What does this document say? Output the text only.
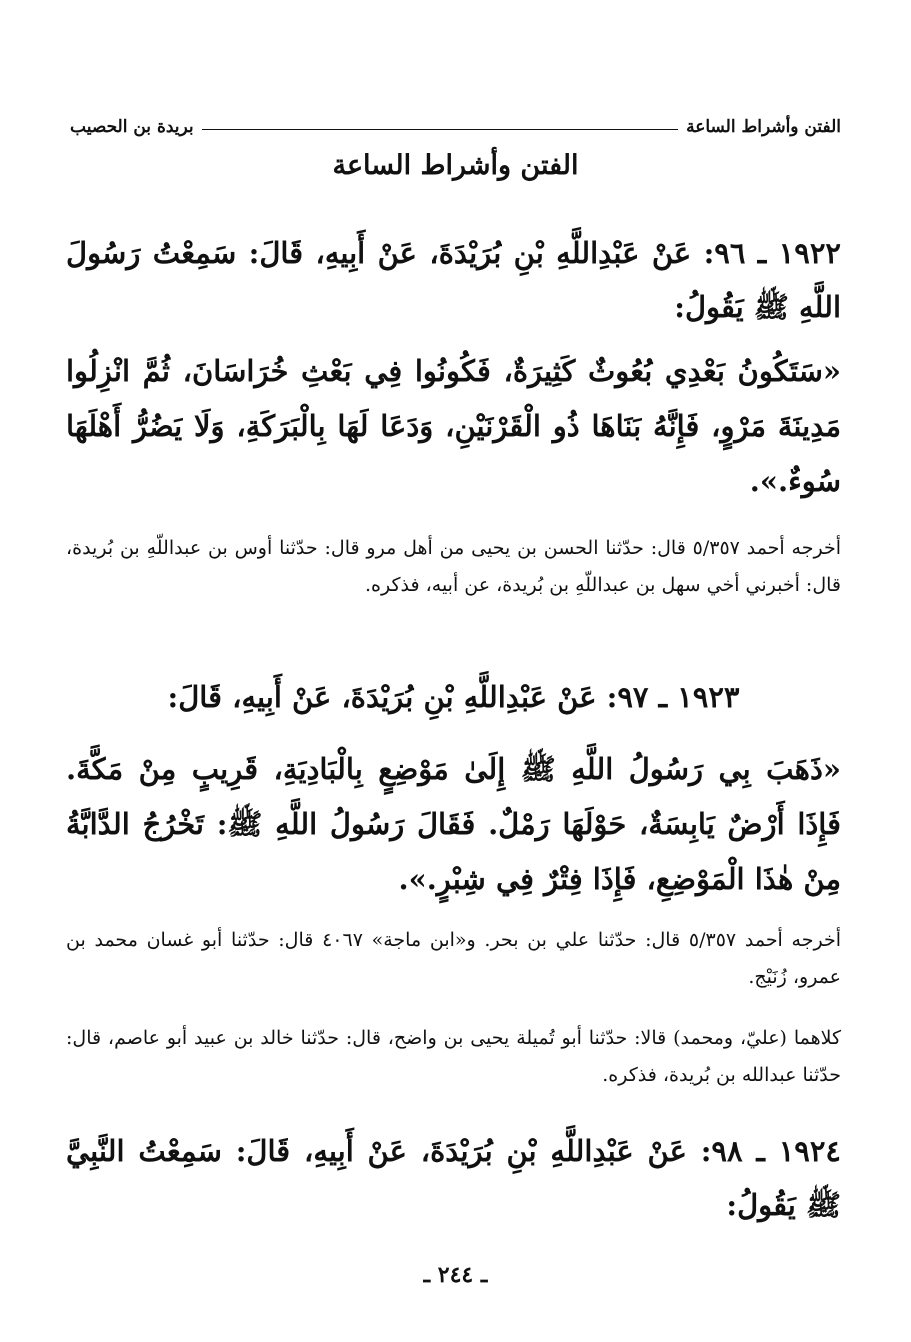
الفتن وأشراط الساعة
بريدة بن الحصيب
الفتن وأشراط الساعة
١٩٢٢ ـ ٩٦: عَنْ عَبْدِاللَّهِ بْنِ بُرَيْدَةَ، عَنْ أَبِيهِ، قَالَ: سَمِعْتُ رَسُولَ اللَّهِ ﷺ يَقُولُ:
«سَتَكُونُ بَعْدِي بُعُوثٌ كَثِيرَةٌ، فَكُونُوا فِي بَعْثِ خُرَاسَانَ، ثُمَّ انْزِلُوا مَدِينَةَ مَرْوٍ، فَإِنَّهُ بَنَاهَا ذُو الْقَرْنَيْنِ، وَدَعَا لَهَا بِالْبَرَكَةِ، وَلَا يَضُرُّ أَهْلَهَا سُوءٌ.».
أخرجه أحمد ٥/٣٥٧ قال: حدّثنا الحسن بن يحيى من أهل مرو قال: حدّثنا أوس بن عبداللّهِ بن بُريدة، قال: أخبرني أخي سهل بن عبداللّهِ بن بُريدة، عن أبيه، فذكره.
١٩٢٣ ـ ٩٧: عَنْ عَبْدِاللَّهِ بْنِ بُرَيْدَةَ، عَنْ أَبِيهِ، قَالَ:
«ذَهَبَ بِي رَسُولُ اللَّهِ ﷺ إِلَىٰ مَوْضِعٍ بِالْبَادِيَةِ، قَرِيبٍ مِنْ مَكَّةَ. فَإِذَا أَرْضٌ يَابِسَةٌ، حَوْلَهَا رَمْلٌ. فَقَالَ رَسُولُ اللَّهِ ﷺ: تَخْرُجُ الدَّابَّةُ مِنْ هٰذَا الْمَوْضِعِ، فَإِذَا فِتْرٌ فِي شِبْرٍ.».
أخرجه أحمد ٥/٣٥٧ قال: حدّثنا علي بن بحر. و«ابن ماجة» ٤٠٦٧ قال: حدّثنا أبو غسان محمد بن عمرو، زُنَيْج.
كلاهما (عليّ، ومحمد) قالا: حدّثنا أبو تُميلة يحيى بن واضح، قال: حدّثنا خالد بن عبيد أبو عاصم، قال: حدّثنا عبدالله بن بُريدة، فذكره.
١٩٢٤ ـ ٩٨: عَنْ عَبْدِاللَّهِ بْنِ بُرَيْدَةَ، عَنْ أَبِيهِ، قَالَ: سَمِعْتُ النَّبِيَّ ﷺ يَقُولُ:
ـ ٢٤٤ ـ
